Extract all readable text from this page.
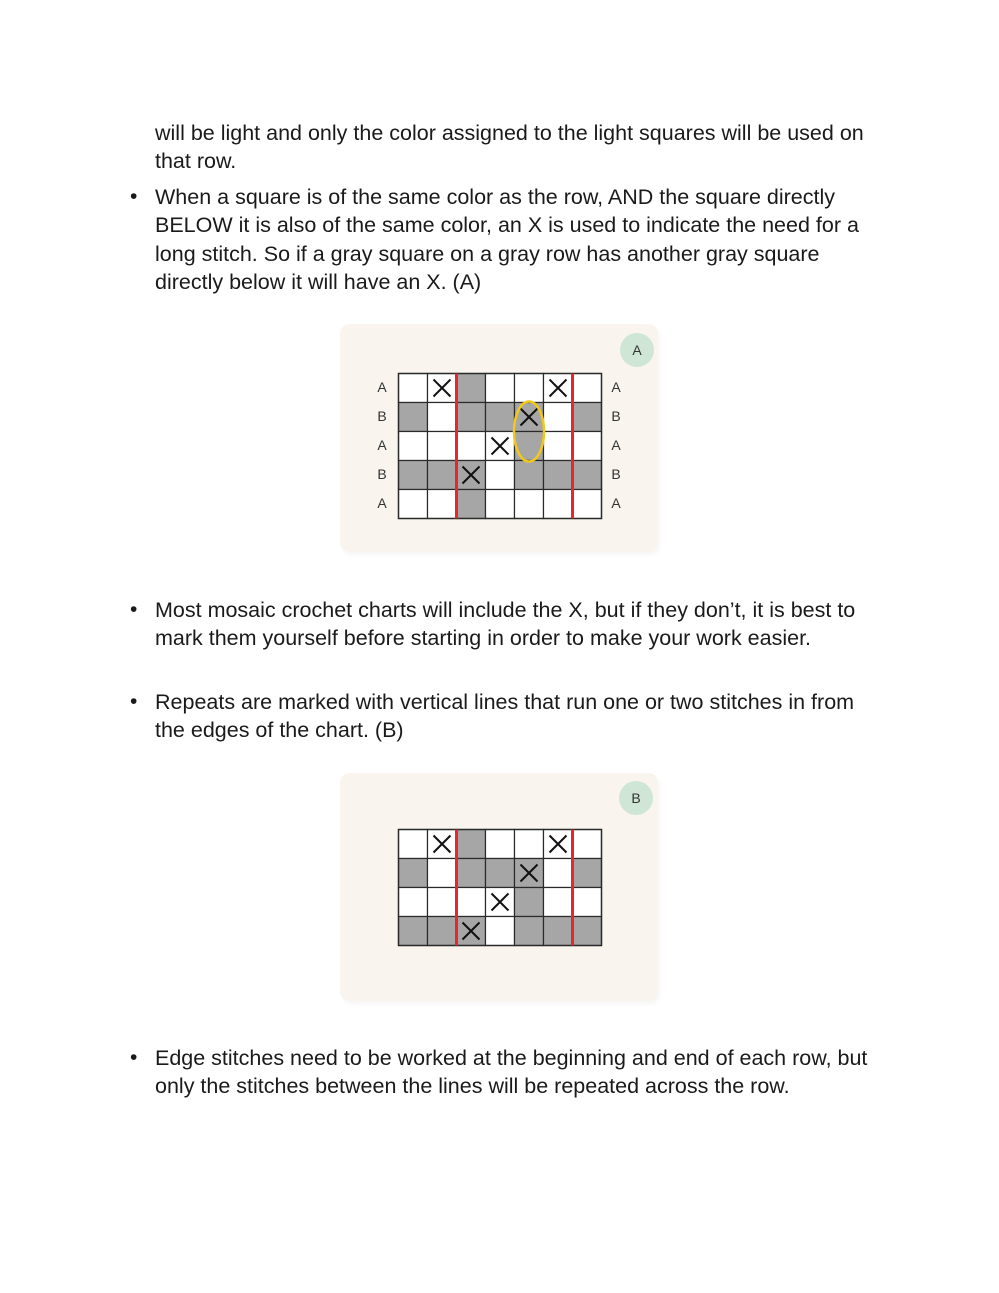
will be light and only the color assigned to the light squares will be used on that row.

• When a square is of the same color as the row, AND the square directly BELOW it is also of the same color, an X is used to indicate the need for a long stitch. So if a gray square on a gray row has another gray square directly below it will have an X. (A)

A
A
B
A
B
A
A
B
A
B
A
• Most mosaic crochet charts will include the X, but if they don’t, it is best to mark them yourself before starting in order to make your work easier.

• Repeats are marked with vertical lines that run one or two stitches in from the edges of the chart. (B)

B
• Edge stitches need to be worked at the beginning and end of each row, but only the stitches between the lines will be repeated across the row.
